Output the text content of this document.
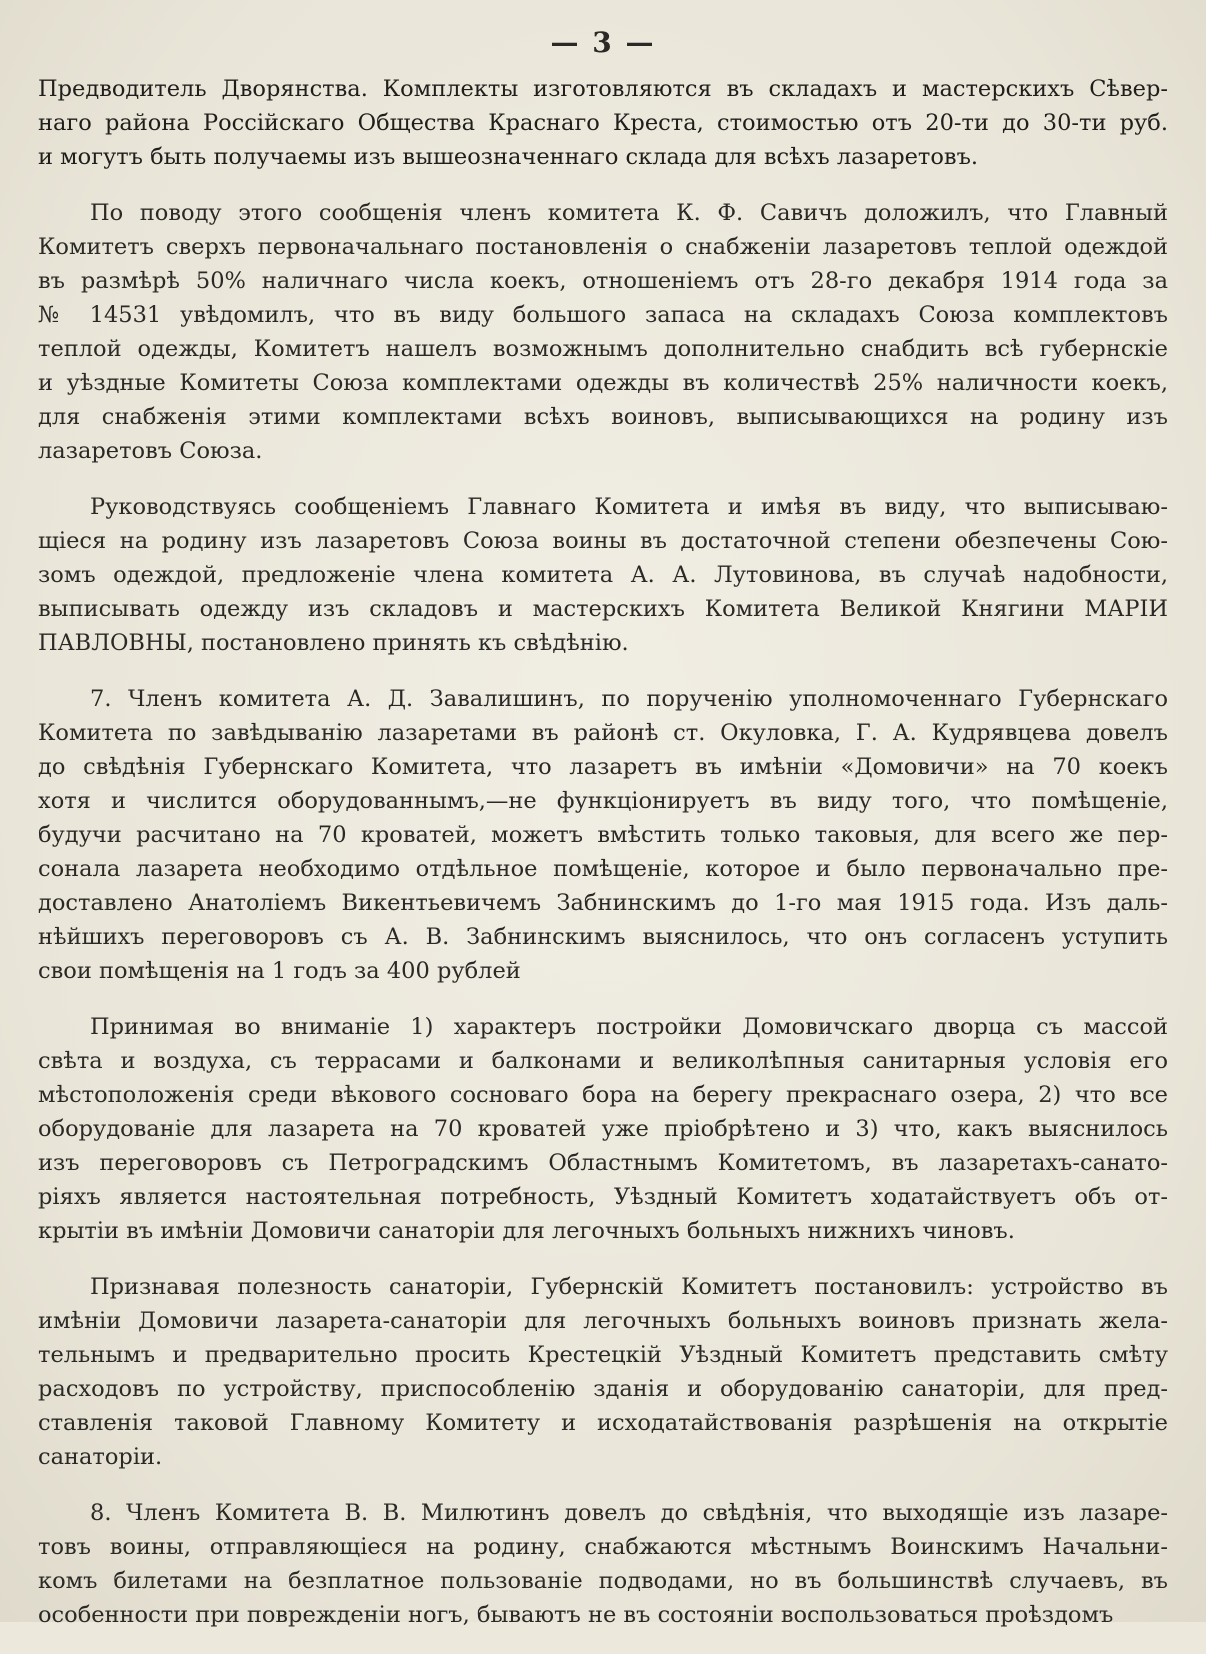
— 3 —
Предводитель Дворянства. Комплекты изготовляются въ складахъ и мастерскихъ Сѣвер-
наго района Россійскаго Общества Краснаго Креста, стоимостью отъ 20-ти до 30-ти руб.
и могутъ быть получаемы изъ вышеозначеннаго склада для всѣхъ лазаретовъ.
По поводу этого сообщенія членъ комитета К. Ф. Савичъ доложилъ, что Главный
Комитетъ сверхъ первоначальнаго постановленія о снабженіи лазаретовъ теплой одеждой
въ размѣрѣ 50% наличнаго числа коекъ, отношеніемъ отъ 28-го декабря 1914 года за
№ 14531 увѣдомилъ, что въ виду большого запаса на складахъ Союза комплектовъ
теплой одежды, Комитетъ нашелъ возможнымъ дополнительно снабдить всѣ губернскіе
и уѣздные Комитеты Союза комплектами одежды въ количествѣ 25% наличности коекъ,
для снабженія этими комплектами всѣхъ воиновъ, выписывающихся на родину изъ
лазаретовъ Союза.
Руководствуясь сообщеніемъ Главнаго Комитета и имѣя въ виду, что выписываю-
щіеся на родину изъ лазаретовъ Союза воины въ достаточной степени обезпечены Сою-
зомъ одеждой, предложеніе члена комитета А. А. Лутовинова, въ случаѣ надобности,
выписывать одежду изъ складовъ и мастерскихъ Комитета Великой Княгини МАРІИ
ПАВЛОВНЫ, постановлено принять къ свѣдѣнію.
7. Членъ комитета А. Д. Завалишинъ, по порученію уполномоченнаго Губернскаго
Комитета по завѣдыванію лазаретами въ районѣ ст. Окуловка, Г. А. Кудрявцева довелъ
до свѣдѣнія Губернскаго Комитета, что лазаретъ въ имѣніи «Домовичи» на 70 коекъ
хотя и числится оборудованнымъ,—не функціонируетъ въ виду того, что помѣщеніе,
будучи расчитано на 70 кроватей, можетъ вмѣстить только таковыя, для всего же пер-
сонала лазарета необходимо отдѣльное помѣщеніе, которое и было первоначально пре-
доставлено Анатоліемъ Викентьевичемъ Забнинскимъ до 1-го мая 1915 года. Изъ даль-
нѣйшихъ переговоровъ съ А. В. Забнинскимъ выяснилось, что онъ согласенъ уступить
свои помѣщенія на 1 годъ за 400 рублей
Принимая во вниманіе 1) характеръ постройки Домовичскаго дворца съ массой
свѣта и воздуха, съ террасами и балконами и великолѣпныя санитарныя условія его
мѣстоположенія среди вѣкового сосноваго бора на берегу прекраснаго озера, 2) что все
оборудованіе для лазарета на 70 кроватей уже пріобрѣтено и 3) что, какъ выяснилось
изъ переговоровъ съ Петроградскимъ Областнымъ Комитетомъ, въ лазаретахъ-санато-
ріяхъ является настоятельная потребность, Уѣздный Комитетъ ходатайствуетъ объ от-
крытіи въ имѣніи Домовичи санаторіи для легочныхъ больныхъ нижнихъ чиновъ.
Признавая полезность санаторіи, Губернскій Комитетъ постановилъ: устройство въ
имѣніи Домовичи лазарета-санаторіи для легочныхъ больныхъ воиновъ признать жела-
тельнымъ и предварительно просить Крестецкій Уѣздный Комитетъ представить смѣту
расходовъ по устройству, приспособленію зданія и оборудованію санаторіи, для пред-
ставленія таковой Главному Комитету и исходатайствованія разрѣшенія на открытіе
санаторіи.
8. Членъ Комитета В. В. Милютинъ довелъ до свѣдѣнія, что выходящіе изъ лазаре-
товъ воины, отправляющіеся на родину, снабжаются мѣстнымъ Воинскимъ Начальни-
комъ билетами на безплатное пользованіе подводами, но въ большинствѣ случаевъ, въ
особенности при поврежденіи ногъ, бываютъ не въ состояніи воспользоваться проѣздомъ
